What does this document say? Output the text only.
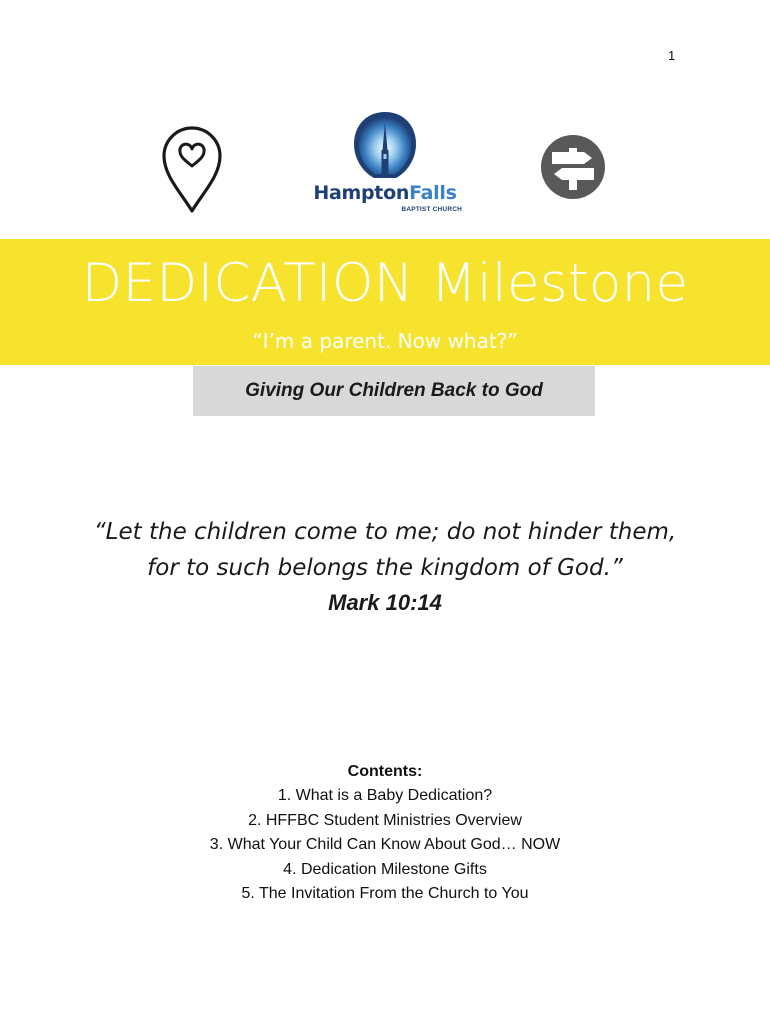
1
HamptonFalls
BAPTIST CHURCH
DEDICATION Milestone
“I’m a parent. Now what?”
Giving Our Children Back to God
“Let the children come to me; do not hinder them,
for to such belongs the kingdom of God.”
Mark 10:14
Contents:
1. What is a Baby Dedication?
2. HFFBC Student Ministries Overview
3. What Your Child Can Know About God… NOW
4. Dedication Milestone Gifts
5. The Invitation From the Church to You
